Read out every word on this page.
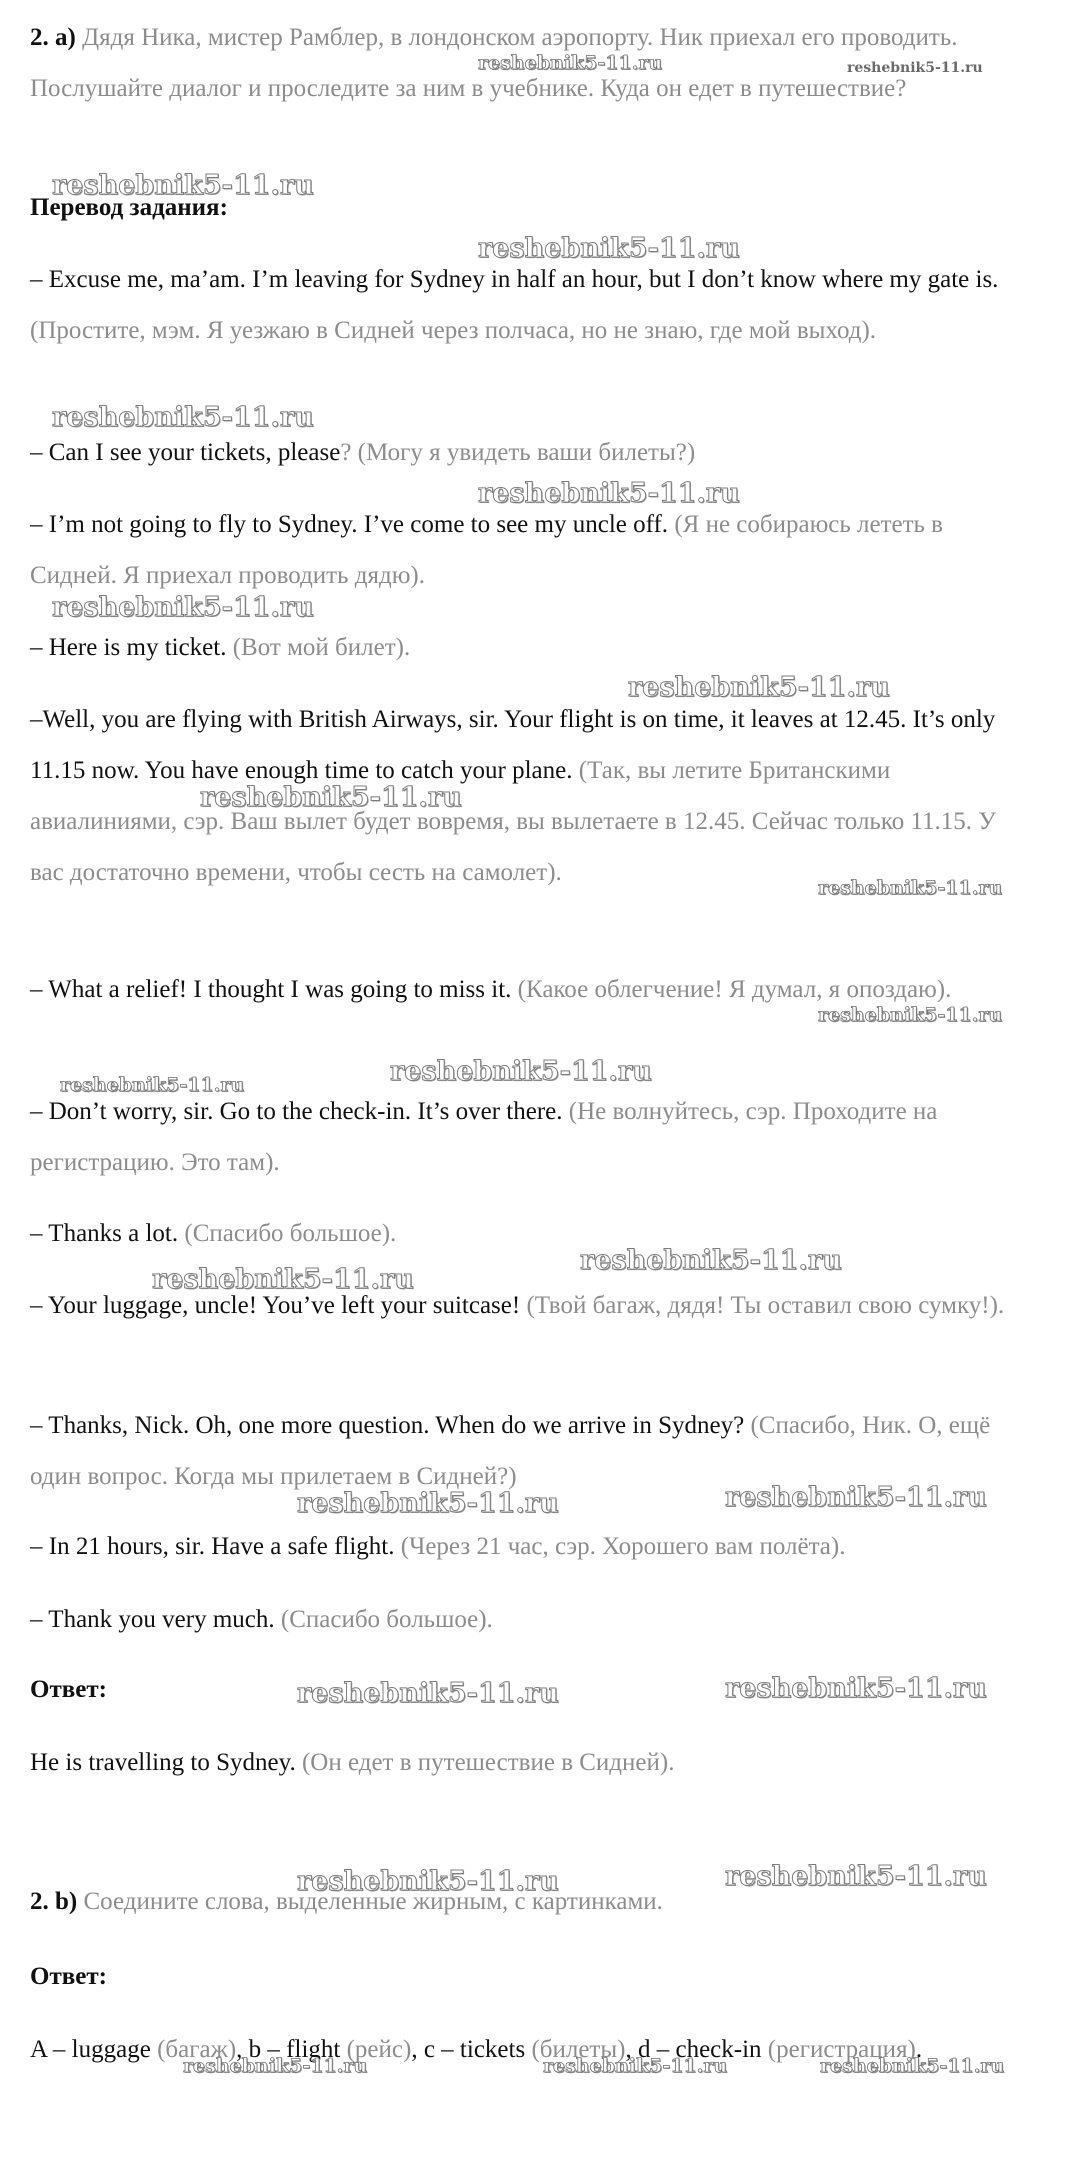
2. а) Дядя Ника, мистер Рамблер, в лондонском аэропорту. Ник приехал его проводить. Послушайте диалог и проследите за ним в учебнике. Куда он едет в путешествие?
Перевод задания:
– Excuse me, ma’am. I’m leaving for Sydney in half an hour, but I don’t know where my gate is. (Простите, мэм. Я уезжаю в Сидней через полчаса, но не знаю, где мой выход).
– Can I see your tickets, please? (Могу я увидеть ваши билеты?)
– I’m not going to fly to Sydney. I’ve come to see my uncle off. (Я не собираюсь лететь в Сидней. Я приехал проводить дядю).
– Here is my ticket. (Вот мой билет).
–Well, you are flying with British Airways, sir. Your flight is on time, it leaves at 12.45. It’s only 11.15 now. You have enough time to catch your plane. (Так, вы летите Британскими авиалиниями, сэр. Ваш вылет будет вовремя, вы вылетаете в 12.45. Сейчас только 11.15. У вас достаточно времени, чтобы сесть на самолет).
– What a relief! I thought I was going to miss it. (Какое облегчение! Я думал, я опоздаю).
– Don’t worry, sir. Go to the check-in. It’s over there. (Не волнуйтесь, сэр. Проходите на регистрацию. Это там).
– Thanks a lot. (Спасибо большое).
– Your luggage, uncle! You’ve left your suitcase! (Твой багаж, дядя! Ты оставил свою сумку!).
– Thanks, Nick. Oh, one more question. When do we arrive in Sydney? (Спасибо, Ник. О, ещё один вопрос. Когда мы прилетаем в Сидней?)
– In 21 hours, sir. Have a safe flight. (Через 21 час, сэр. Хорошего вам полёта).
– Thank you very much. (Спасибо большое).
Ответ:
He is travelling to Sydney. (Он едет в путешествие в Сидней).
2. b) Соедините слова, выделенные жирным, с картинками.
Ответ:
A – luggage (багаж), b – flight (рейс), c – tickets (билеты), d – check-in (регистрация).
reshebnik5-11.ru	reshebnik5-11.ru
reshebnik5-11.ru
reshebnik5-11.ru
reshebnik5-11.ru
reshebnik5-11.ru
reshebnik5-11.ru
reshebnik5-11.ru
reshebnik5-11.ru
reshebnik5-11.ru
reshebnik5-11.ru
reshebnik5-11.ru	reshebnik5-11.ru
reshebnik5-11.ru
reshebnik5-11.ru
reshebnik5-11.ru	reshebnik5-11.ru
reshebnik5-11.ru	reshebnik5-11.ru
reshebnik5-11.ru	reshebnik5-11.ru
reshebnik5-11.ru	reshebnik5-11.ru	reshebnik5-11.ru
